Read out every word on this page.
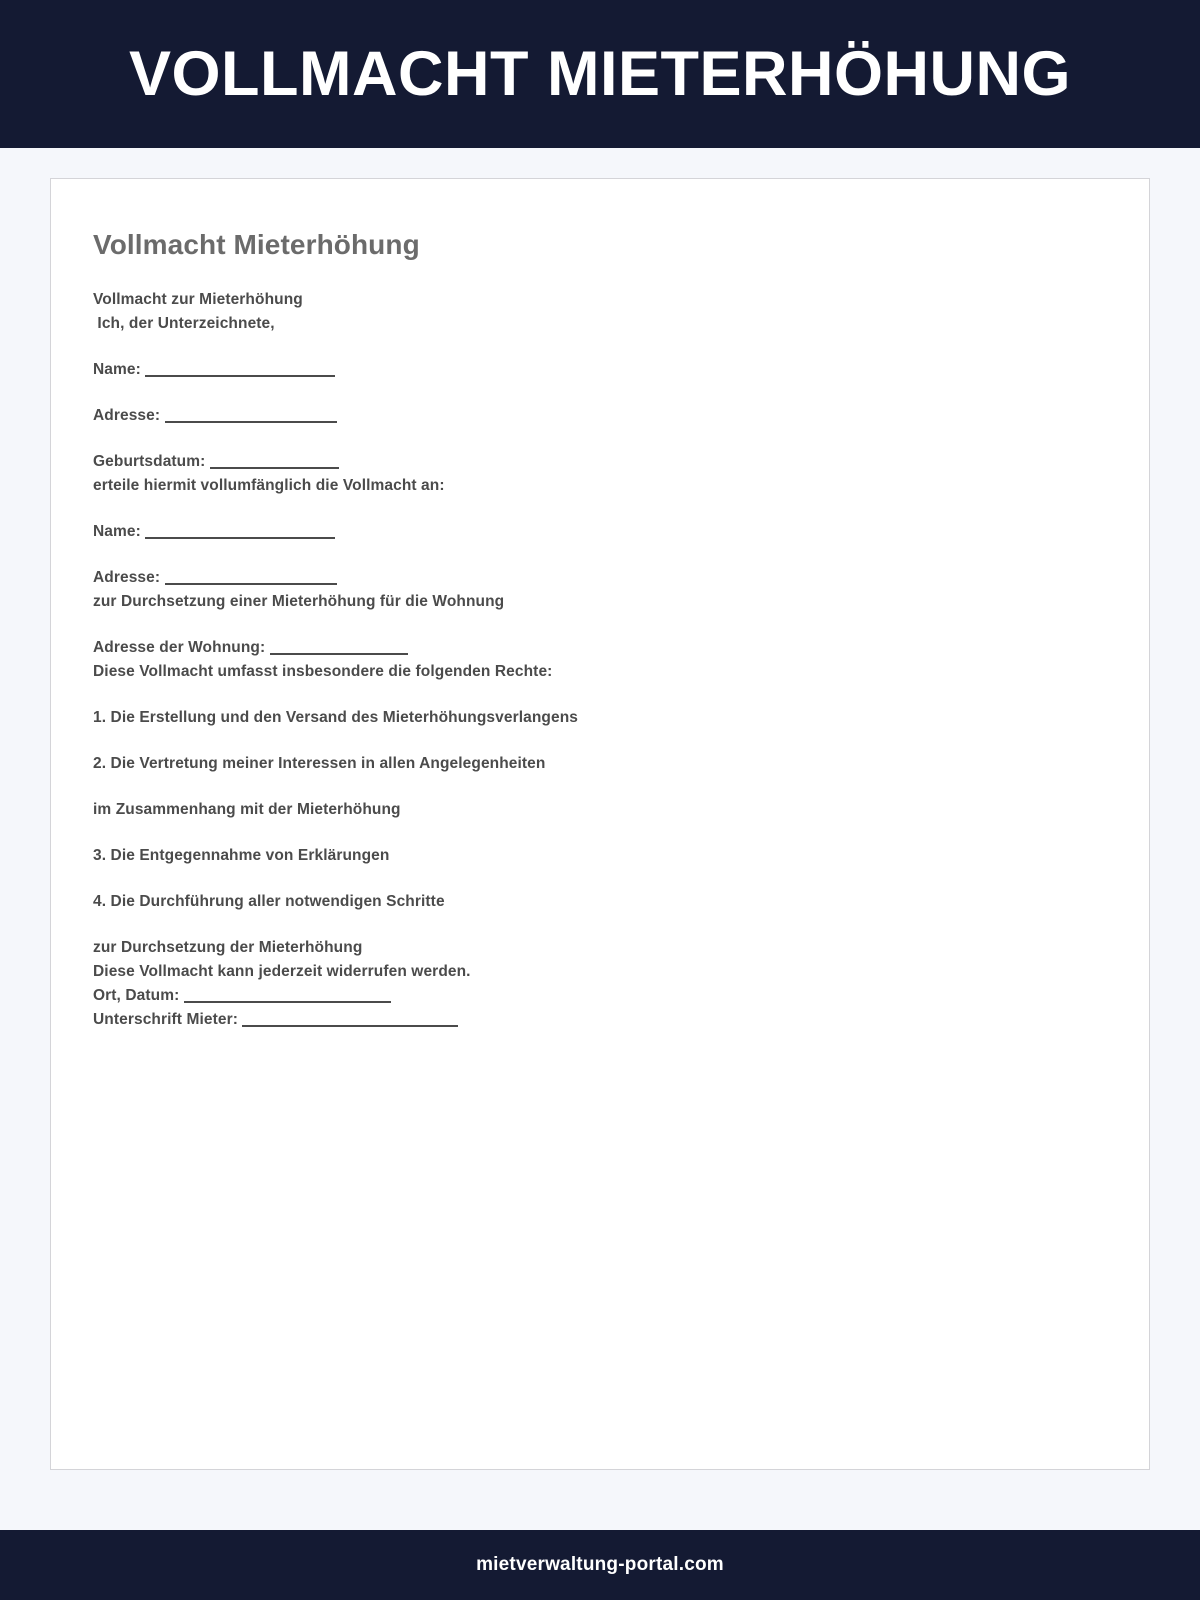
VOLLMACHT MIETERHÖHUNG
Vollmacht Mieterhöhung

Vollmacht zur Mieterhöhung
Ich, der Unterzeichnete,

Name:

Adresse:

Geburtsdatum:
erteile hiermit vollumfänglich die Vollmacht an:

Name:

Adresse:
zur Durchsetzung einer Mieterhöhung für die Wohnung

Adresse der Wohnung:
Diese Vollmacht umfasst insbesondere die folgenden Rechte:

1. Die Erstellung und den Versand des Mieterhöhungsverlangens

2. Die Vertretung meiner Interessen in allen Angelegenheiten

im Zusammenhang mit der Mieterhöhung

3. Die Entgegennahme von Erklärungen

4. Die Durchführung aller notwendigen Schritte

zur Durchsetzung der Mieterhöhung
Diese Vollmacht kann jederzeit widerrufen werden.
Ort, Datum:
Unterschrift Mieter:

mietverwaltung-portal.com
